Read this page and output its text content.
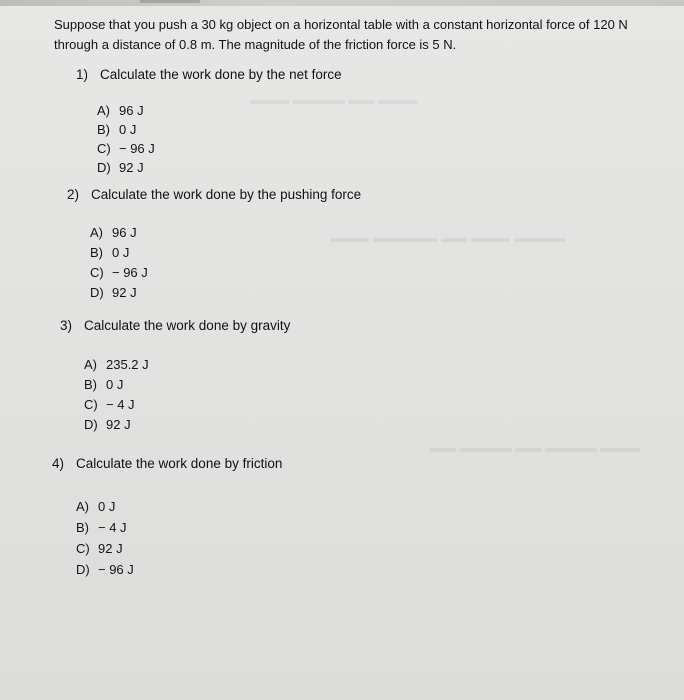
▬▬▬ ▬▬ ▬▬▬▬ ▬▬▬
▬▬▬▬ ▬▬▬ ▬▬ ▬▬▬▬▬ ▬▬▬
▬▬▬ ▬▬▬▬ ▬▬ ▬▬▬▬ ▬▬
Suppose that you push a 30 kg object on a horizontal table with a constant horizontal force of 120 N
through a distance of 0.8 m. The magnitude of the friction force is 5 N.
1) Calculate the work done by the net force
A) 96 J
B) 0 J
C) − 96 J
D) 92 J
2) Calculate the work done by the pushing force
A) 96 J
B) 0 J
C) − 96 J
D) 92 J
3) Calculate the work done by gravity
A) 235.2 J
B) 0 J
C) − 4 J
D) 92 J
4) Calculate the work done by friction
A) 0 J
B) − 4 J
C) 92 J
D) − 96 J
